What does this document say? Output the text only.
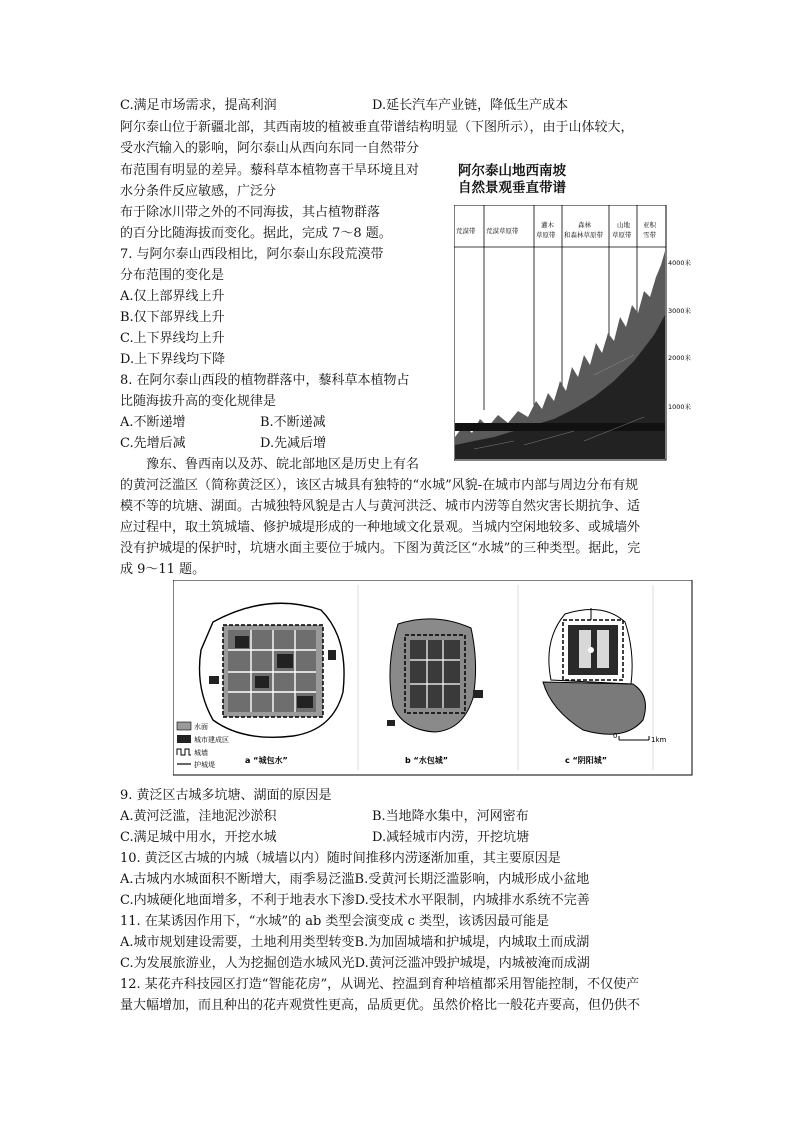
C.满足市场需求，提高利润	D.延长汽车产业链，降低生产成本
阿尔泰山位于新疆北部，其西南坡的植被垂直带谱结构明显（下图所示），由于山体较大，
受水汽输入的影响，阿尔泰山从西向东同一自然带分
布范围有明显的差异。藜科草本植物喜干旱环境且对
水分条件反应敏感，广泛分
布于除冰川带之外的不同海拔，其占植物群落
的百分比随海拔而变化。据此，完成 7～8 题。
7. 与阿尔泰山西段相比，阿尔泰山东段荒漠带
分布范围的变化是
A.仅上部界线上升
B.仅下部界线上升
C.上下界线均上升
D.上下界线均下降
8. 在阿尔泰山西段的植物群落中，藜科草本植物占
比随海拔升高的变化规律是
A.不断递增	B.不断递减
C.先增后减	D.先减后增
豫东、鲁西南以及苏、皖北部地区是历史上有名
的黄河泛滥区（简称黄泛区），该区古城具有独特的“水城”风貌-在城市内部与周边分布有规
模不等的坑塘、湖面。古城独特风貌是古人与黄河洪泛、城市内涝等自然灾害长期抗争、适
应过程中，取土筑城墙、修护城堤形成的一种地域文化景观。当城内空闲地较多、或城墙外
没有护城堤的保护时，坑塘水面主要位于城内。下图为黄泛区“水城”的三种类型。据此，完
成 9～11 题。
阿尔泰山地西南坡
自然景观垂直带谱
荒漠带 荒漠草原带
灌木
草原带
森林
和森林草原带
山地
草原带
亚积
雪带
4000米
3000米
2000米
1000米
水面
城市建成区
城墙
护城堤	a “城包水”	b “水包城”	c “阴阳城”
0	1km
9. 黄泛区古城多坑塘、湖面的原因是
A.黄河泛滥，洼地泥沙淤积	B.当地降水集中，河网密布
C.满足城中用水，开挖水城	D.减轻城市内涝，开挖坑塘
10. 黄泛区古城的内城（城墙以内）随时间推移内涝逐渐加重，其主要原因是
A.古城内水城面积不断增大，雨季易泛滥B.受黄河长期泛滥影响，内城形成小盆地
C.内城硬化地面增多，不利于地表水下渗D.受技术水平限制，内城排水系统不完善
11. 在某诱因作用下，“水城”的 ab 类型会演变成 c 类型，该诱因最可能是
A.城市规划建设需要，土地利用类型转变B.为加固城墙和护城堤，内城取土而成湖
C.为发展旅游业，人为挖掘创造水城风光D.黄河泛滥冲毁护城堤，内城被淹而成湖
12. 某花卉科技园区打造“智能花房”，从调光、控温到育种培植都采用智能控制，不仅使产
量大幅增加，而且种出的花卉观赏性更高，品质更优。虽然价格比一般花卉要高，但仍供不
